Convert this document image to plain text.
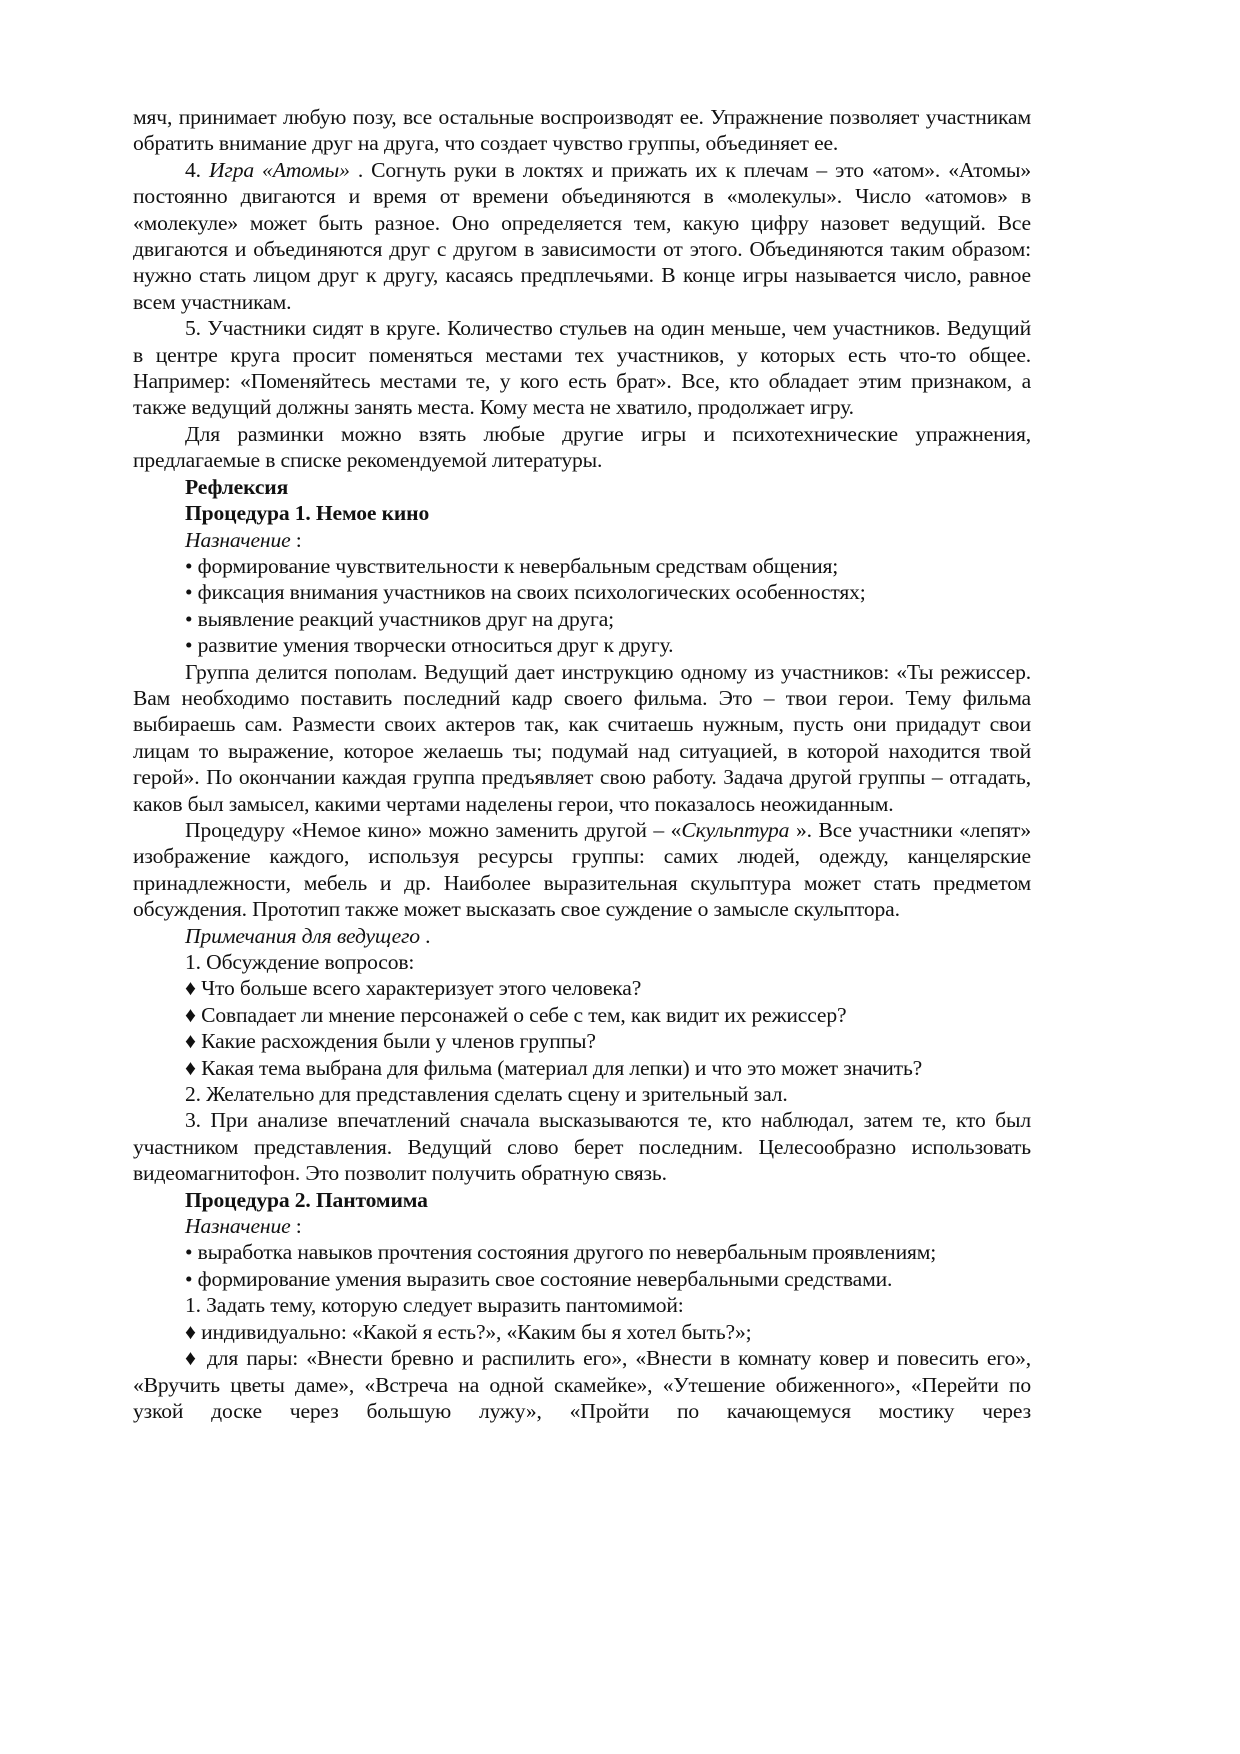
мяч, принимает любую позу, все остальные воспроизводят ее. Упражнение позволяет участникам обратить внимание друг на друга, что создает чувство группы, объединяет ее.

4. Игра «Атомы» . Согнуть руки в локтях и прижать их к плечам – это «атом». «Атомы» постоянно двигаются и время от времени объединяются в «молекулы». Число «атомов» в «молекуле» может быть разное. Оно определяется тем, какую цифру назовет ведущий. Все двигаются и объединяются друг с другом в зависимости от этого. Объединяются таким образом: нужно стать лицом друг к другу, касаясь предплечьями. В конце игры называется число, равное всем участникам.

5. Участники сидят в круге. Количество стульев на один меньше, чем участников. Ведущий в центре круга просит поменяться местами тех участников, у которых есть что-то общее. Например: «Поменяйтесь местами те, у кого есть брат». Все, кто обладает этим признаком, а также ведущий должны занять места. Кому места не хватило, продолжает игру.

Для разминки можно взять любые другие игры и психотехнические упражнения, предлагаемые в списке рекомендуемой литературы.

Рефлексия

Процедура 1. Немое кино

Назначение :

• формирование чувствительности к невербальным средствам общения;

• фиксация внимания участников на своих психологических особенностях;

• выявление реакций участников друг на друга;

• развитие умения творчески относиться друг к другу.

Группа делится пополам. Ведущий дает инструкцию одному из участников: «Ты режиссер. Вам необходимо поставить последний кадр своего фильма. Это – твои герои. Тему фильма выбираешь сам. Размести своих актеров так, как считаешь нужным, пусть они придадут свои лицам то выражение, которое желаешь ты; подумай над ситуацией, в которой находится твой герой». По окончании каждая группа предъявляет свою работу. Задача другой группы – отгадать, каков был замысел, какими чертами наделены герои, что показалось неожиданным.

Процедуру «Немое кино» можно заменить другой – «Скульптура ». Все участники «лепят» изображение каждого, используя ресурсы группы: самих людей, одежду, канцелярские принадлежности, мебель и др. Наиболее выразительная скульптура может стать предметом обсуждения. Прототип также может высказать свое суждение о замысле скульптора.

Примечания для ведущего .

1. Обсуждение вопросов:

♦ Что больше всего характеризует этого человека?

♦ Совпадает ли мнение персонажей о себе с тем, как видит их режиссер?

♦ Какие расхождения были у членов группы?

♦ Какая тема выбрана для фильма (материал для лепки) и что это может значить?

2. Желательно для представления сделать сцену и зрительный зал.

3. При анализе впечатлений сначала высказываются те, кто наблюдал, затем те, кто был участником представления. Ведущий слово берет последним. Целесообразно использовать видеомагнитофон. Это позволит получить обратную связь.

Процедура 2. Пантомима

Назначение :

• выработка навыков прочтения состояния другого по невербальным проявлениям;

• формирование умения выразить свое состояние невербальными средствами.

1. Задать тему, которую следует выразить пантомимой:

♦ индивидуально: «Какой я есть?», «Каким бы я хотел быть?»;

♦ для пары: «Внести бревно и распилить его», «Внести в комнату ковер и повесить его», «Вручить цветы даме», «Встреча на одной скамейке», «Утешение обиженного», «Перейти по узкой доске через большую лужу», «Пройти по качающемуся мостику через
